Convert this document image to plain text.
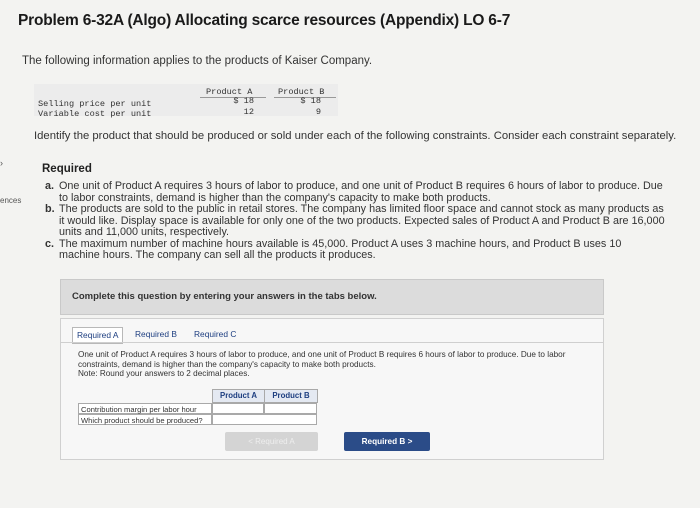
Problem 6-32A (Algo) Allocating scarce resources (Appendix) LO 6-7
The following information applies to the products of Kaiser Company.
›
ences
Product A	Product B
Selling price per unit	$ 18	$ 18
Variable cost per unit	12	9
Identify the product that should be produced or sold under each of the following constraints. Consider each constraint separately.
Required
a. One unit of Product A requires 3 hours of labor to produce, and one unit of Product B requires 6 hours of labor to produce. Due to labor constraints, demand is higher than the company's capacity to make both products.
b. The products are sold to the public in retail stores. The company has limited floor space and cannot stock as many products as it would like. Display space is available for only one of the two products. Expected sales of Product A and Product B are 16,000 units and 11,000 units, respectively.
c. The maximum number of machine hours available is 45,000. Product A uses 3 machine hours, and Product B uses 10 machine hours. The company can sell all the products it produces.
Complete this question by entering your answers in the tabs below.
Required A	Required B	Required C
One unit of Product A requires 3 hours of labor to produce, and one unit of Product B requires 6 hours of labor to produce. Due to labor constraints, demand is higher than the company's capacity to make both products.
Note: Round your answers to 2 decimal places.
Product A	Product B
Contribution margin per labor hour
Which product should be produced?
< Required A	Required B >
